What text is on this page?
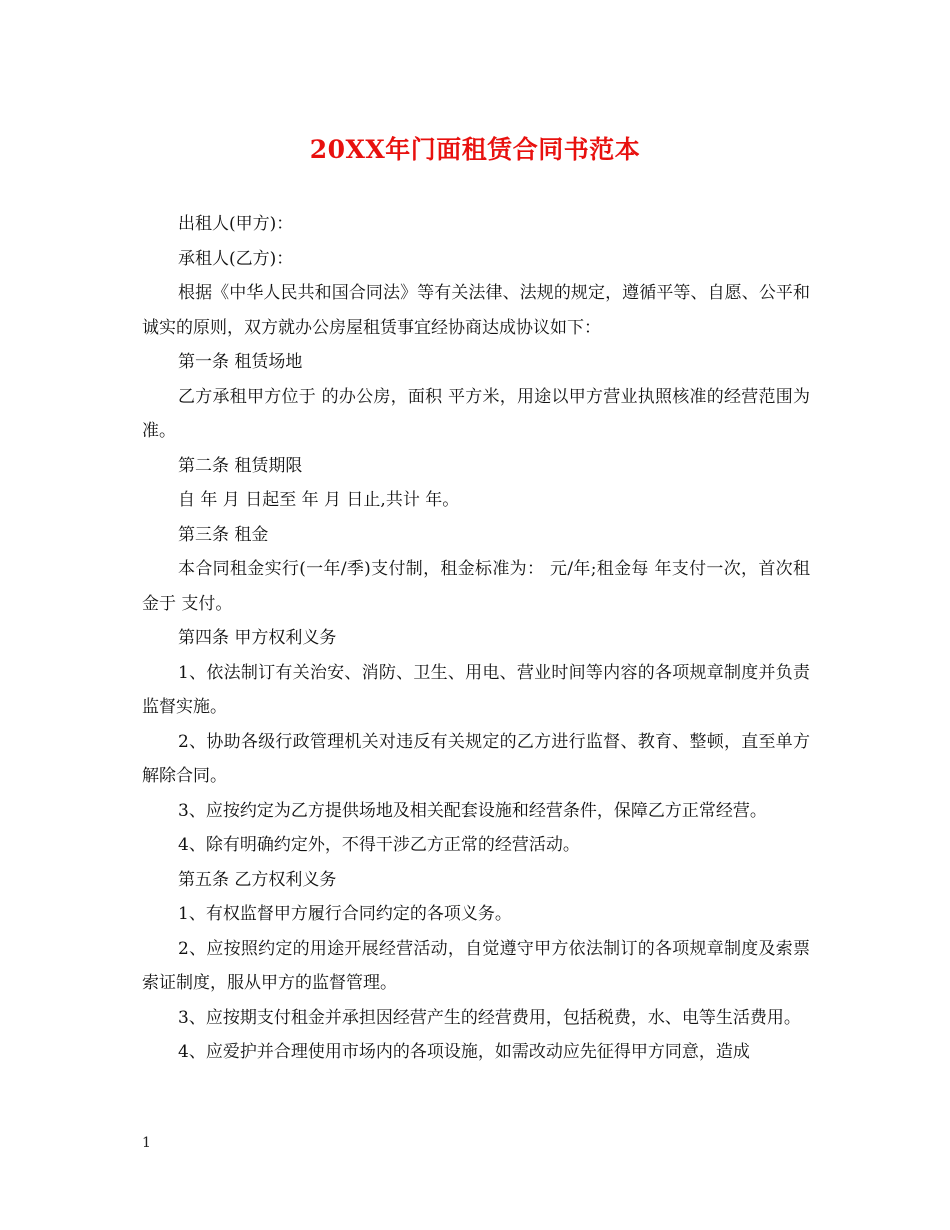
20XX年门面租赁合同书范本

出租人(甲方)：

承租人(乙方)：

根据《中华人民共和国合同法》等有关法律、法规的规定，遵循平等、自愿、公平和诚实的原则，双方就办公房屋租赁事宜经协商达成协议如下：

第一条 租赁场地

乙方承租甲方位于 的办公房，面积 平方米，用途以甲方营业执照核准的经营范围为准。

第二条 租赁期限

自 年 月 日起至 年 月 日止,共计 年。

第三条 租金

本合同租金实行(一年/季)支付制，租金标准为： 元/年;租金每 年支付一次，首次租金于 支付。

第四条 甲方权利义务

1、依法制订有关治安、消防、卫生、用电、营业时间等内容的各项规章制度并负责监督实施。

2、协助各级行政管理机关对违反有关规定的乙方进行监督、教育、整顿，直至单方解除合同。

3、应按约定为乙方提供场地及相关配套设施和经营条件，保障乙方正常经营。

4、除有明确约定外，不得干涉乙方正常的经营活动。

第五条 乙方权利义务

1、有权监督甲方履行合同约定的各项义务。

2、应按照约定的用途开展经营活动，自觉遵守甲方依法制订的各项规章制度及索票索证制度，服从甲方的监督管理。

3、应按期支付租金并承担因经营产生的经营费用，包括税费，水、电等生活费用。

4、应爱护并合理使用市场内的各项设施，如需改动应先征得甲方同意，造成

1
